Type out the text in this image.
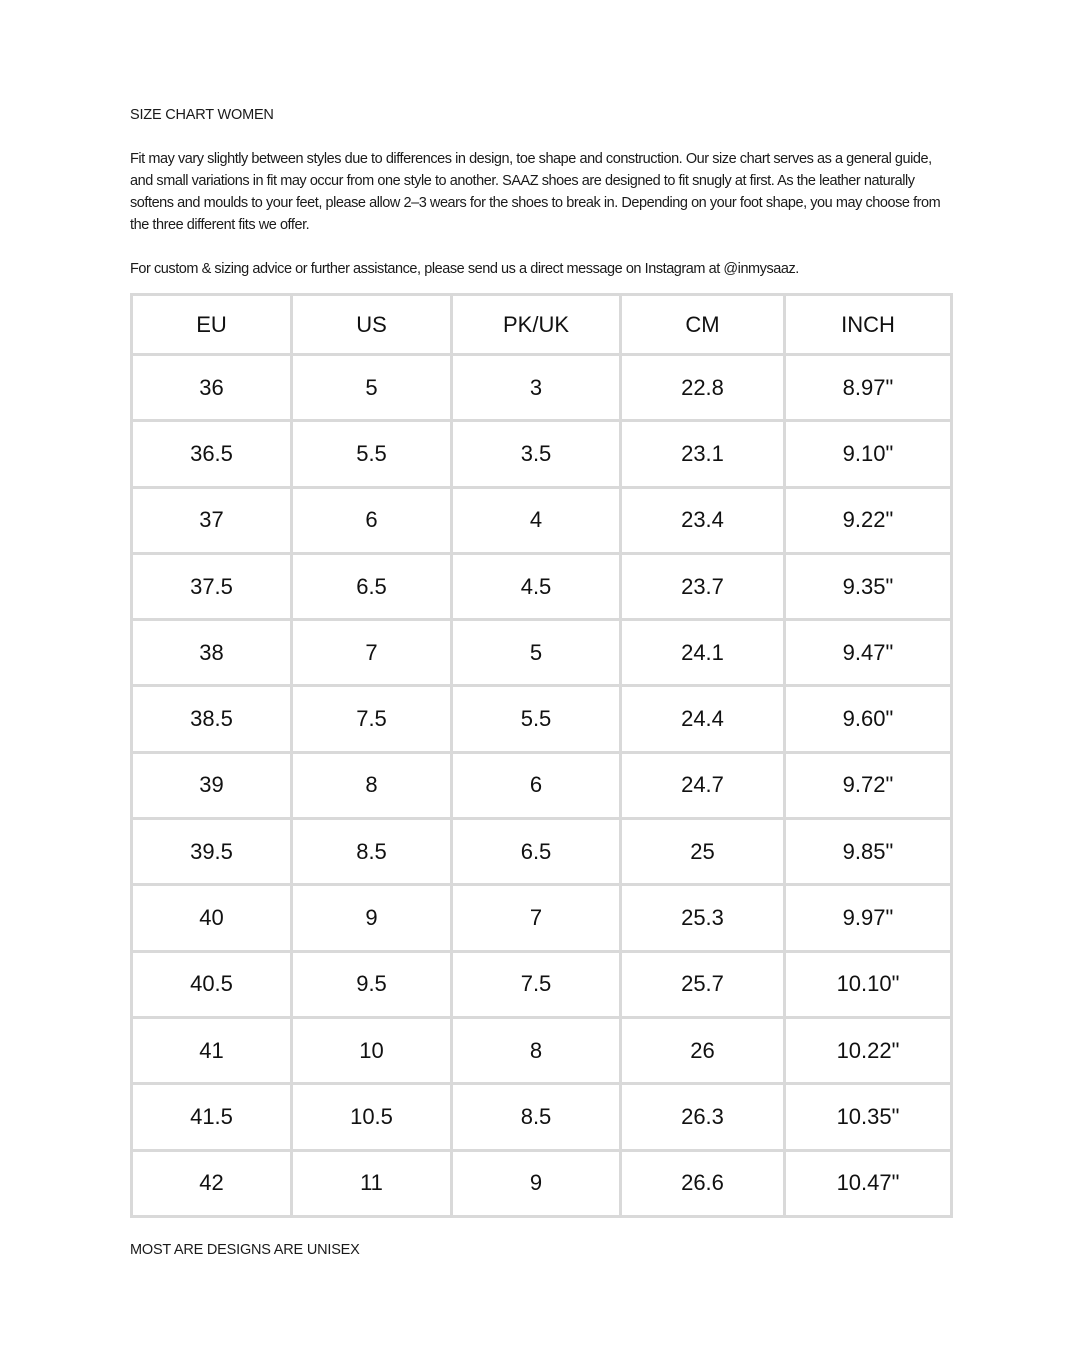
SIZE CHART WOMEN

Fit may vary slightly between styles due to differences in design, toe shape and construction. Our size chart serves as a general guide, and small variations in fit may occur from one style to another. SAAZ shoes are designed to fit snugly at first. As the leather naturally softens and moulds to your feet, please allow 2–3 wears for the shoes to break in. Depending on your foot shape, you may choose from the three different fits we offer.

For custom & sizing advice or further assistance, please send us a direct message on Instagram at @inmysaaz.

EU	US	PK/UK	CM	INCH
36	5	3	22.8	8.97"
36.5	5.5	3.5	23.1	9.10"
37	6	4	23.4	9.22"
37.5	6.5	4.5	23.7	9.35"
38	7	5	24.1	9.47"
38.5	7.5	5.5	24.4	9.60"
39	8	6	24.7	9.72"
39.5	8.5	6.5	25	9.85"
40	9	7	25.3	9.97"
40.5	9.5	7.5	25.7	10.10"
41	10	8	26	10.22"
41.5	10.5	8.5	26.3	10.35"
42	11	9	26.6	10.47"

MOST ARE DESIGNS ARE UNISEX
